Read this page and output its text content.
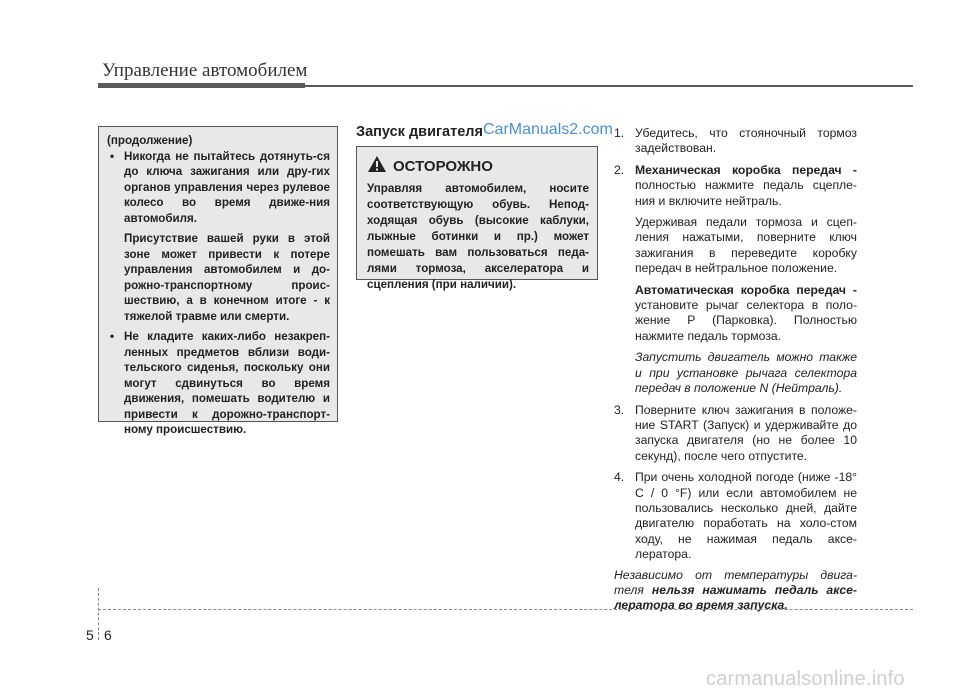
Управление автомобилем

(продолжение)

• Никогда не пытайтесь дотянуть-ся до ключа зажигания или дру-гих органов управления через рулевое колесо во время движе-ния автомобиля.

Присутствие вашей руки в этой зоне может привести к потере управления автомобилем и до-рожно-транспортному проис-шествию, а в конечном итоге - к тяжелой травме или смерти.

• Не кладите каких-либо незакреп-ленных предметов вблизи води-тельского сиденья, поскольку они могут сдвинуться во время движения, помешать водителю и привести к дорожно-транспорт-ному происшествию.
Запуск двигателя CarManuals2.com
ОСТОРОЖНО
Управляя автомобилем, носите соответствующую обувь. Непод-ходящая обувь (высокие каблуки, лыжные ботинки и пр.) может помешать вам пользоваться педа-лями тормоза, акселератора и сцепления (при наличии).

1. Убедитесь, что стояночный тормоз задействован.

2. Механическая коробка передач - полностью нажмите педаль сцепле-ния и включите нейтраль.

Удерживая педали тормоза и сцеп-ления нажатыми, поверните ключ зажигания в переведите коробку передач в нейтральное положение.

Автоматическая коробка передач - установите рычаг селектора в поло-жение P (Парковка). Полностью нажмите педаль тормоза.

Запустить двигатель можно также и при установке рычага селектора передач в положение N (Нейтраль).

3. Поверните ключ зажигания в положе-ние START (Запуск) и удерживайте до запуска двигателя (но не более 10 секунд), после чего отпустите.

4. При очень холодной погоде (ниже -18° C / 0 °F) или если автомобилем не пользовались несколько дней, дайте двигателю поработать на холо-стом ходу, не нажимая педаль аксе-лератора.

Независимо от температуры двига-теля нельзя нажимать педаль аксе-лератора во время запуска.

5 6
carmanualsonline.info
